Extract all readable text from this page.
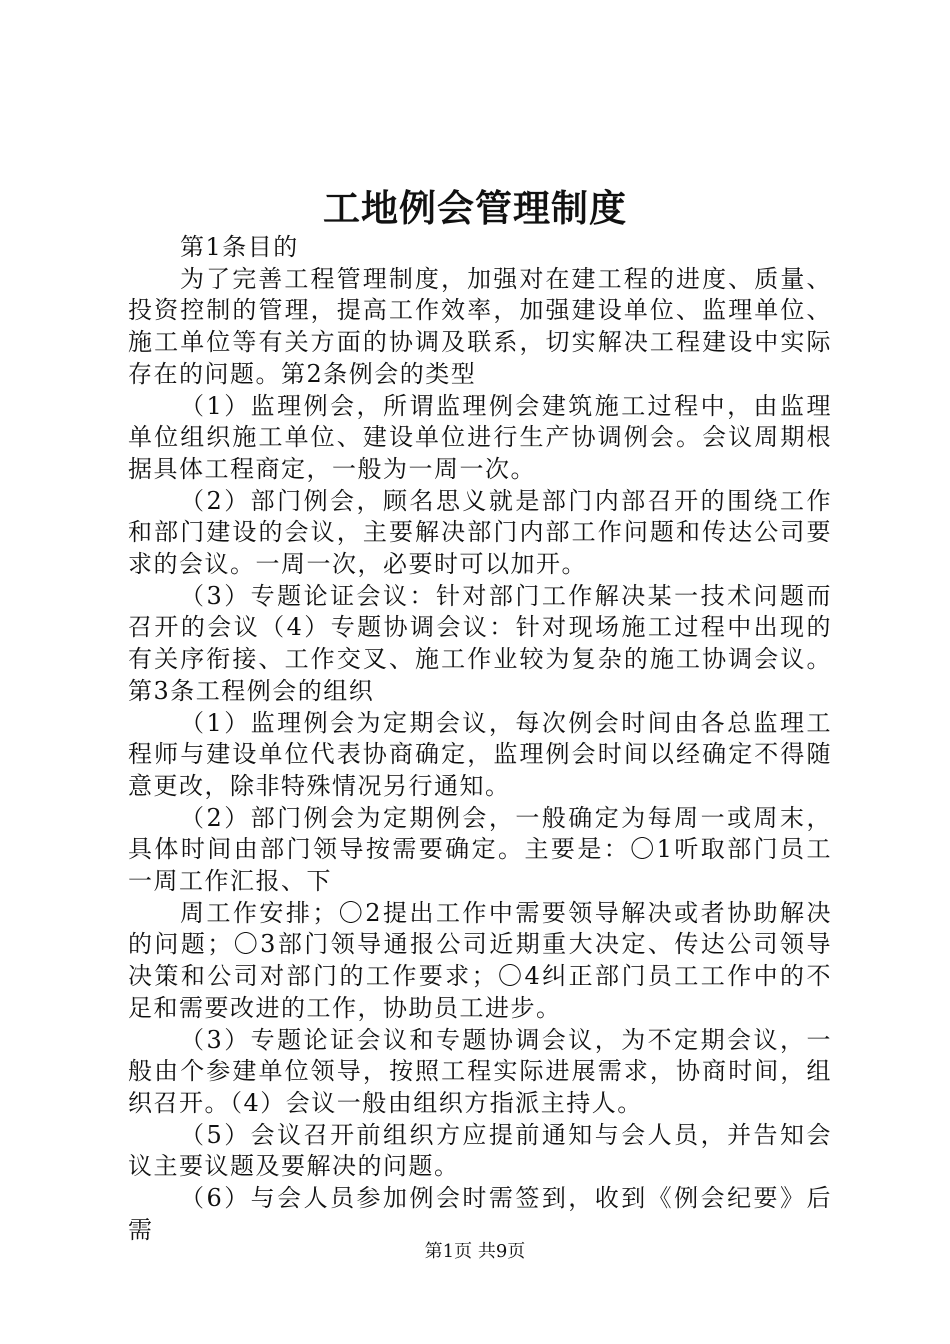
工地例会管理制度

第1条目的

为了完善工程管理制度，加强对在建工程的进度、质量、投资控制的管理，提高工作效率，加强建设单位、监理单位、施工单位等有关方面的协调及联系，切实解决工程建设中实际存在的问题。第2条例会的类型

（1）监理例会，所谓监理例会建筑施工过程中，由监理单位组织施工单位、建设单位进行生产协调例会。会议周期根据具体工程商定，一般为一周一次。

（2）部门例会，顾名思义就是部门内部召开的围绕工作和部门建设的会议，主要解决部门内部工作问题和传达公司要求的会议。一周一次，必要时可以加开。

（3）专题论证会议：针对部门工作解决某一技术问题而召开的会议（4）专题协调会议：针对现场施工过程中出现的有关序衔接、工作交叉、施工作业较为复杂的施工协调会议。第3条工程例会的组织

（1）监理例会为定期会议，每次例会时间由各总监理工程师与建设单位代表协商确定，监理例会时间以经确定不得随意更改，除非特殊情况另行通知。

（2）部门例会为定期例会，一般确定为每周一或周末，具体时间由部门领导按需要确定。主要是：〇1听取部门员工一周工作汇报、下

周工作安排；〇2提出工作中需要领导解决或者协助解决的问题；〇3部门领导通报公司近期重大决定、传达公司领导决策和公司对部门的工作要求；〇4纠正部门员工工作中的不足和需要改进的工作，协助员工进步。

（3）专题论证会议和专题协调会议，为不定期会议，一般由个参建单位领导，按照工程实际进展需求，协商时间，组织召开。（4）会议一般由组织方指派主持人。

（5）会议召开前组织方应提前通知与会人员，并告知会议主要议题及要解决的问题。

（6）与会人员参加例会时需签到，收到《例会纪要》后需

第1页 共9页
